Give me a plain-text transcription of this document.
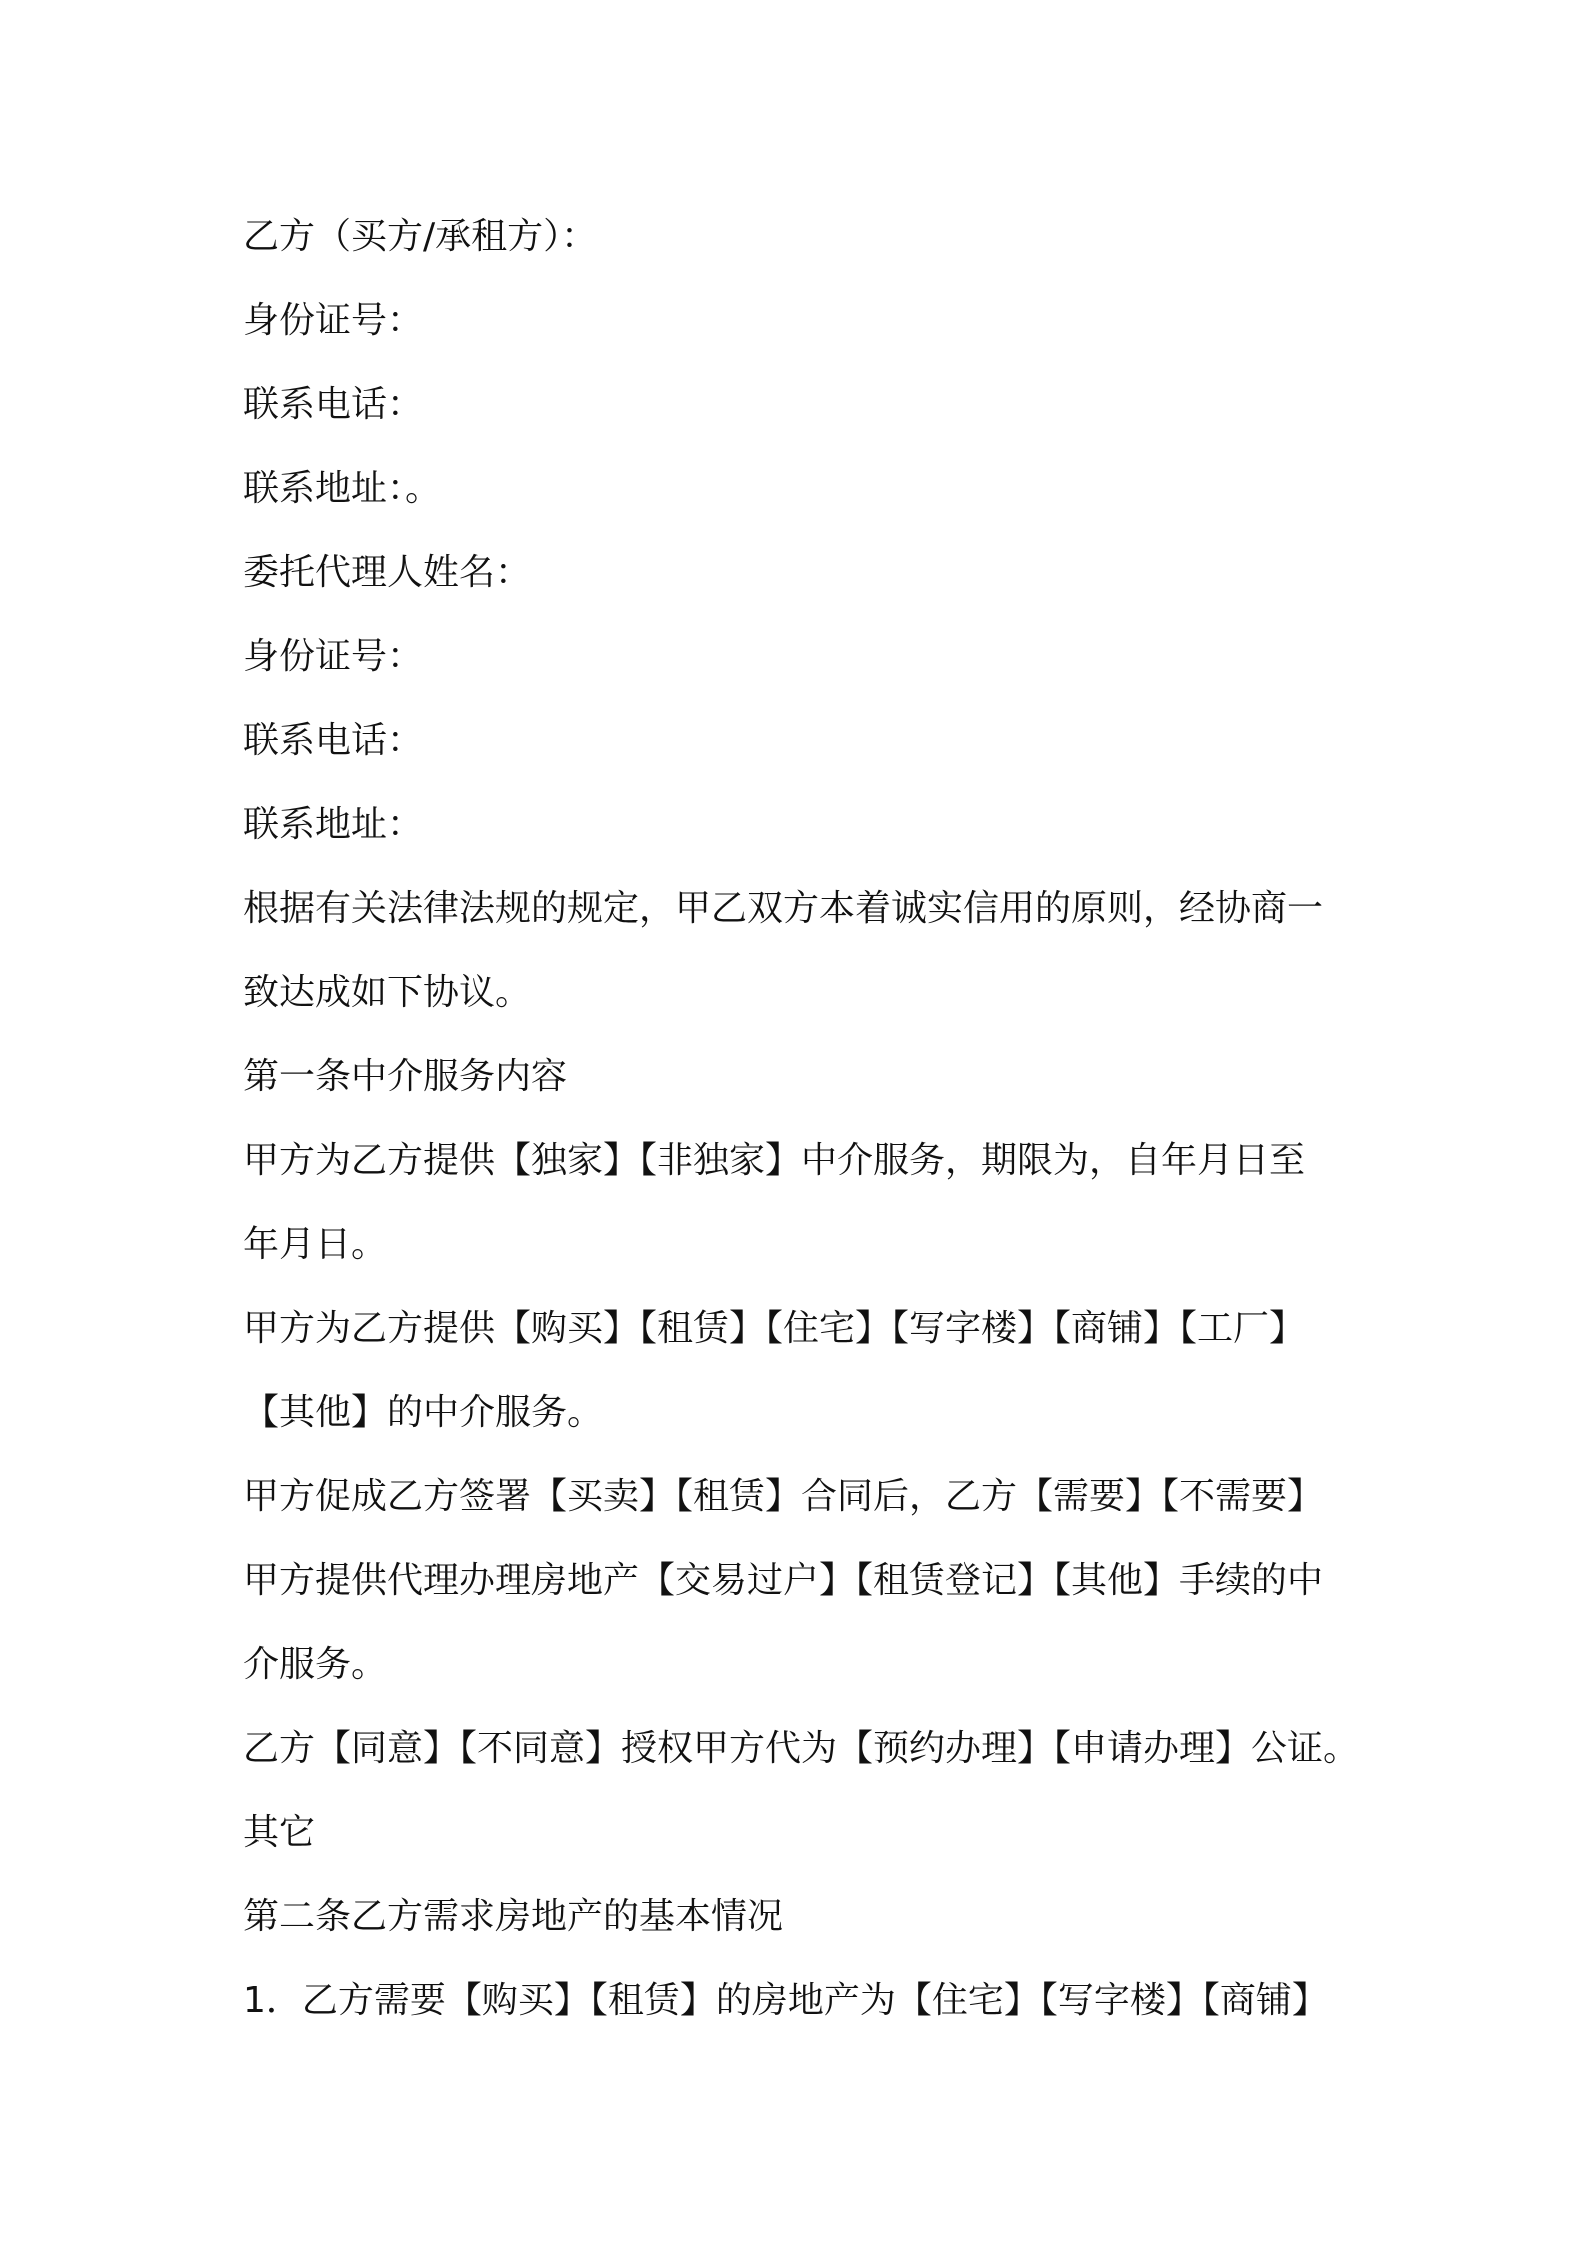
乙方（买方/承租方）：
身份证号：
联系电话：
联系地址：。
委托代理人姓名：
身份证号：
联系电话：
联系地址：
根据有关法律法规的规定，甲乙双方本着诚实信用的原则，经协商一
致达成如下协议。
第一条中介服务内容
甲方为乙方提供【独家】【非独家】中介服务，期限为，自年月日至
年月日。
甲方为乙方提供【购买】【租赁】【住宅】【写字楼】【商铺】【工厂】
【其他】的中介服务。
甲方促成乙方签署【买卖】【租赁】合同后，乙方【需要】【不需要】
甲方提供代理办理房地产【交易过户】【租赁登记】【其他】手续的中
介服务。
乙方【同意】【不同意】授权甲方代为【预约办理】【申请办理】公证。
其它
第二条乙方需求房地产的基本情况
1．乙方需要【购买】【租赁】的房地产为【住宅】【写字楼】【商铺】
